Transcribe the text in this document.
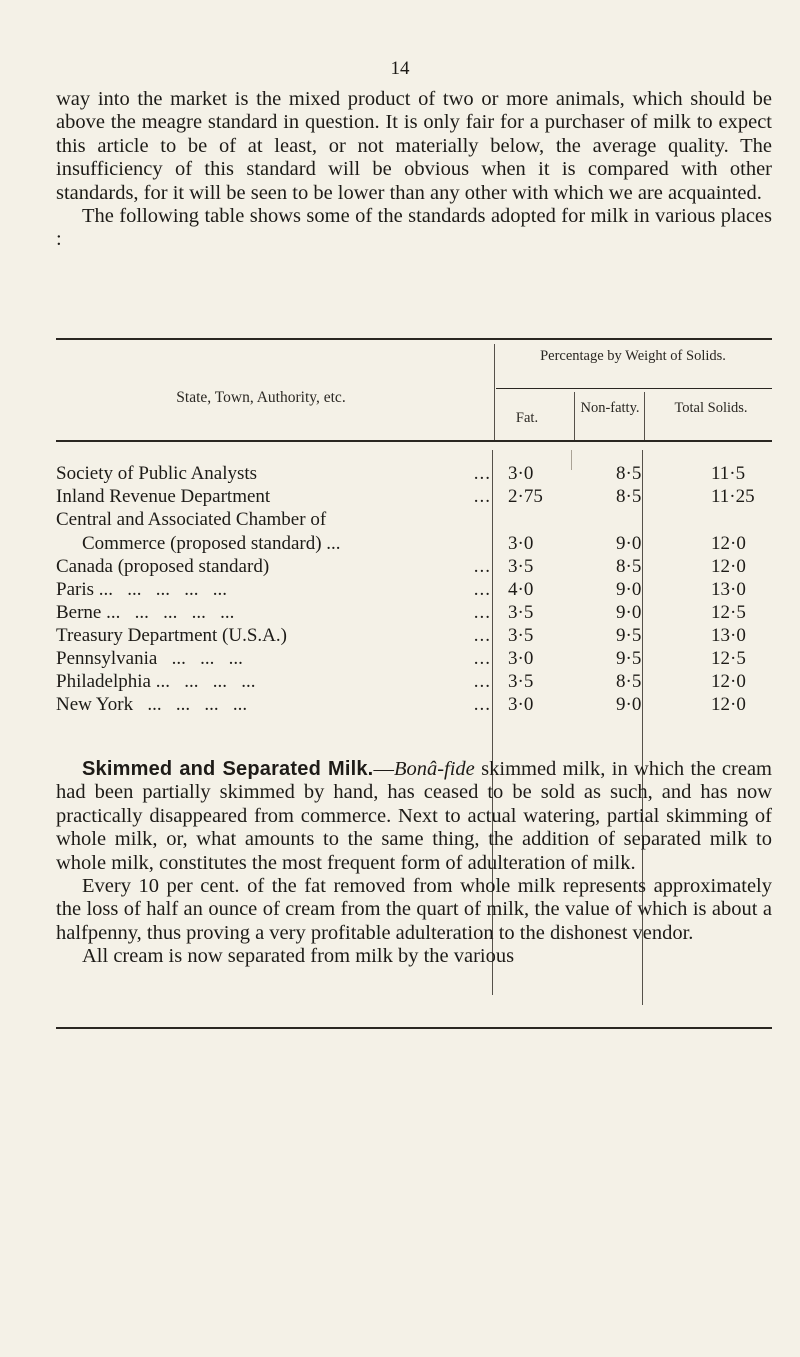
14

way into the market is the mixed product of two or more animals, which should be above the meagre standard in question. It is only fair for a purchaser of milk to expect this article to be of at least, or not materially below, the average quality. The insufficiency of this standard will be obvious when it is compared with other standards, for it will be seen to be lower than any other with which we are acquainted.
The following table shows some of the standards adopted for milk in various places :

State, Town, Authority, etc.
Percentage by Weight of Solids.
Fat.
Non-fatty.	Total Solids.
Society of Public Analysts	... 3·0	8·5	11·5
Inland Revenue Department	... 2·75	8·5	11·25
Central and Associated Chamber of
Commerce (proposed standard) ...	3·0	9·0	12·0
Canada (proposed standard)	... 3·5	8·5	12·0
Paris ...   ...   ...   ...   ...	... 4·0	9·0	13·0
Berne ...   ...   ...   ...   ...	... 3·5	9·0	12·5
Treasury Department (U.S.A.)	... 3·5	9·5	13·0
Pennsylvania   ...   ...   ...	... 3·0	9·5	12·5
Philadelphia ...   ...   ...   ...	... 3·5	8·5	12·0
New York   ...   ...   ...   ...	... 3·0	9·0	12·0

Skimmed and Separated Milk.—Bonâ-fide skimmed milk, in which the cream had been partially skimmed by hand, has ceased to be sold as such, and has now practically disappeared from commerce. Next to actual watering, partial skimming of whole milk, or, what amounts to the same thing, the addition of separated milk to whole milk, constitutes the most frequent form of adulteration of milk.
Every 10 per cent. of the fat removed from whole milk represents approximately the loss of half an ounce of cream from the quart of milk, the value of which is about a halfpenny, thus proving a very profitable adulteration to the dishonest vendor.
All cream is now separated from milk by the various
